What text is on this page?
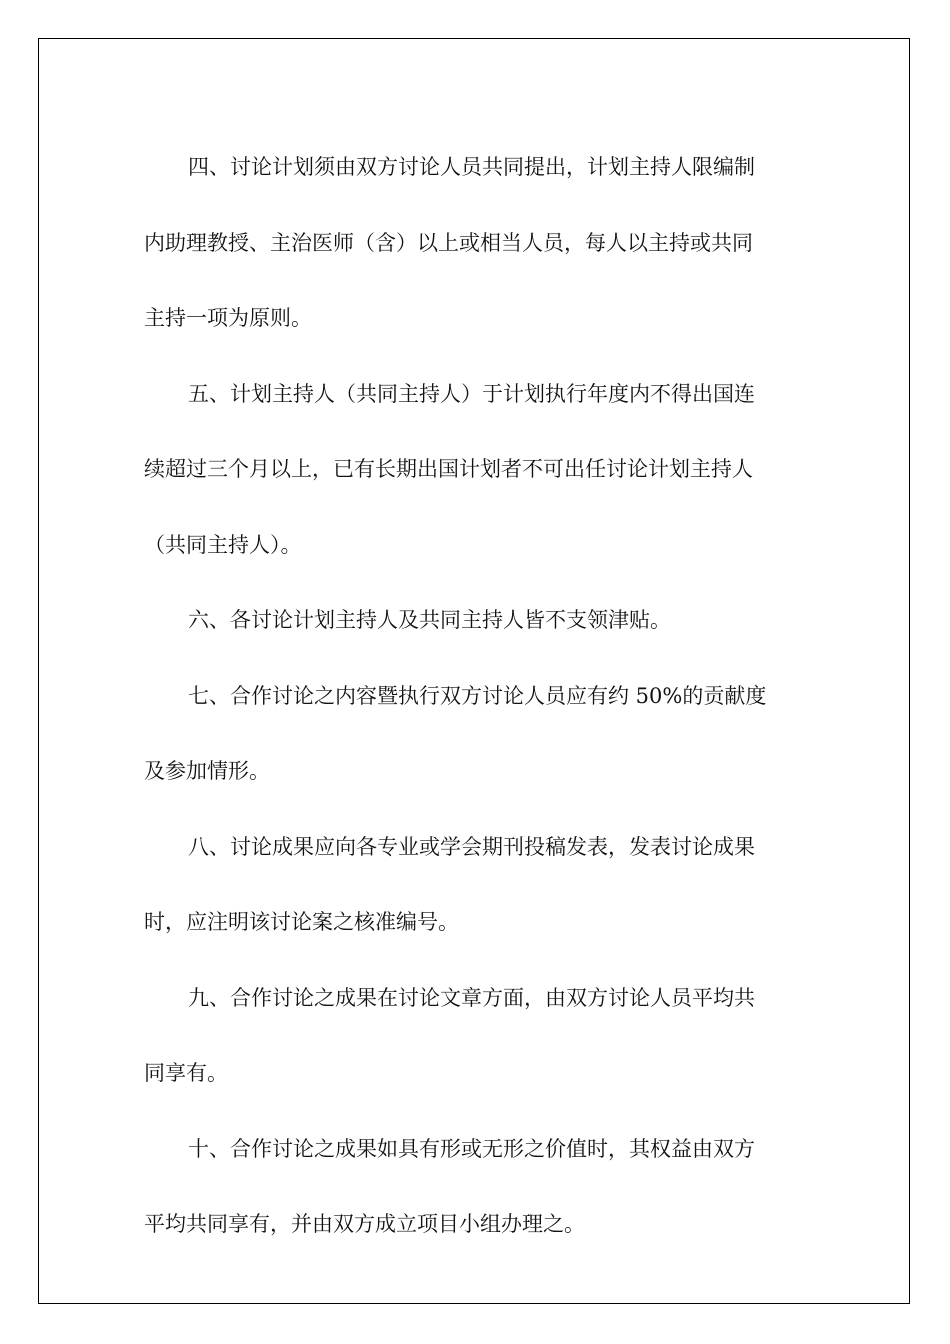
四、讨论计划须由双方讨论人员共同提出，计划主持人限编制
内助理教授、主治医师（含）以上或相当人员，每人以主持或共同
主持一项为原则。
五、计划主持人（共同主持人）于计划执行年度内不得出国连
续超过三个月以上，已有长期出国计划者不可出任讨论计划主持人
（共同主持人）。
六、各讨论计划主持人及共同主持人皆不支领津贴。
七、合作讨论之内容暨执行双方讨论人员应有约 50%的贡献度
及参加情形。
八、讨论成果应向各专业或学会期刊投稿发表，发表讨论成果
时，应注明该讨论案之核准编号。
九、合作讨论之成果在讨论文章方面，由双方讨论人员平均共
同享有。
十、合作讨论之成果如具有形或无形之价值时，其权益由双方
平均共同享有，并由双方成立项目小组办理之。
